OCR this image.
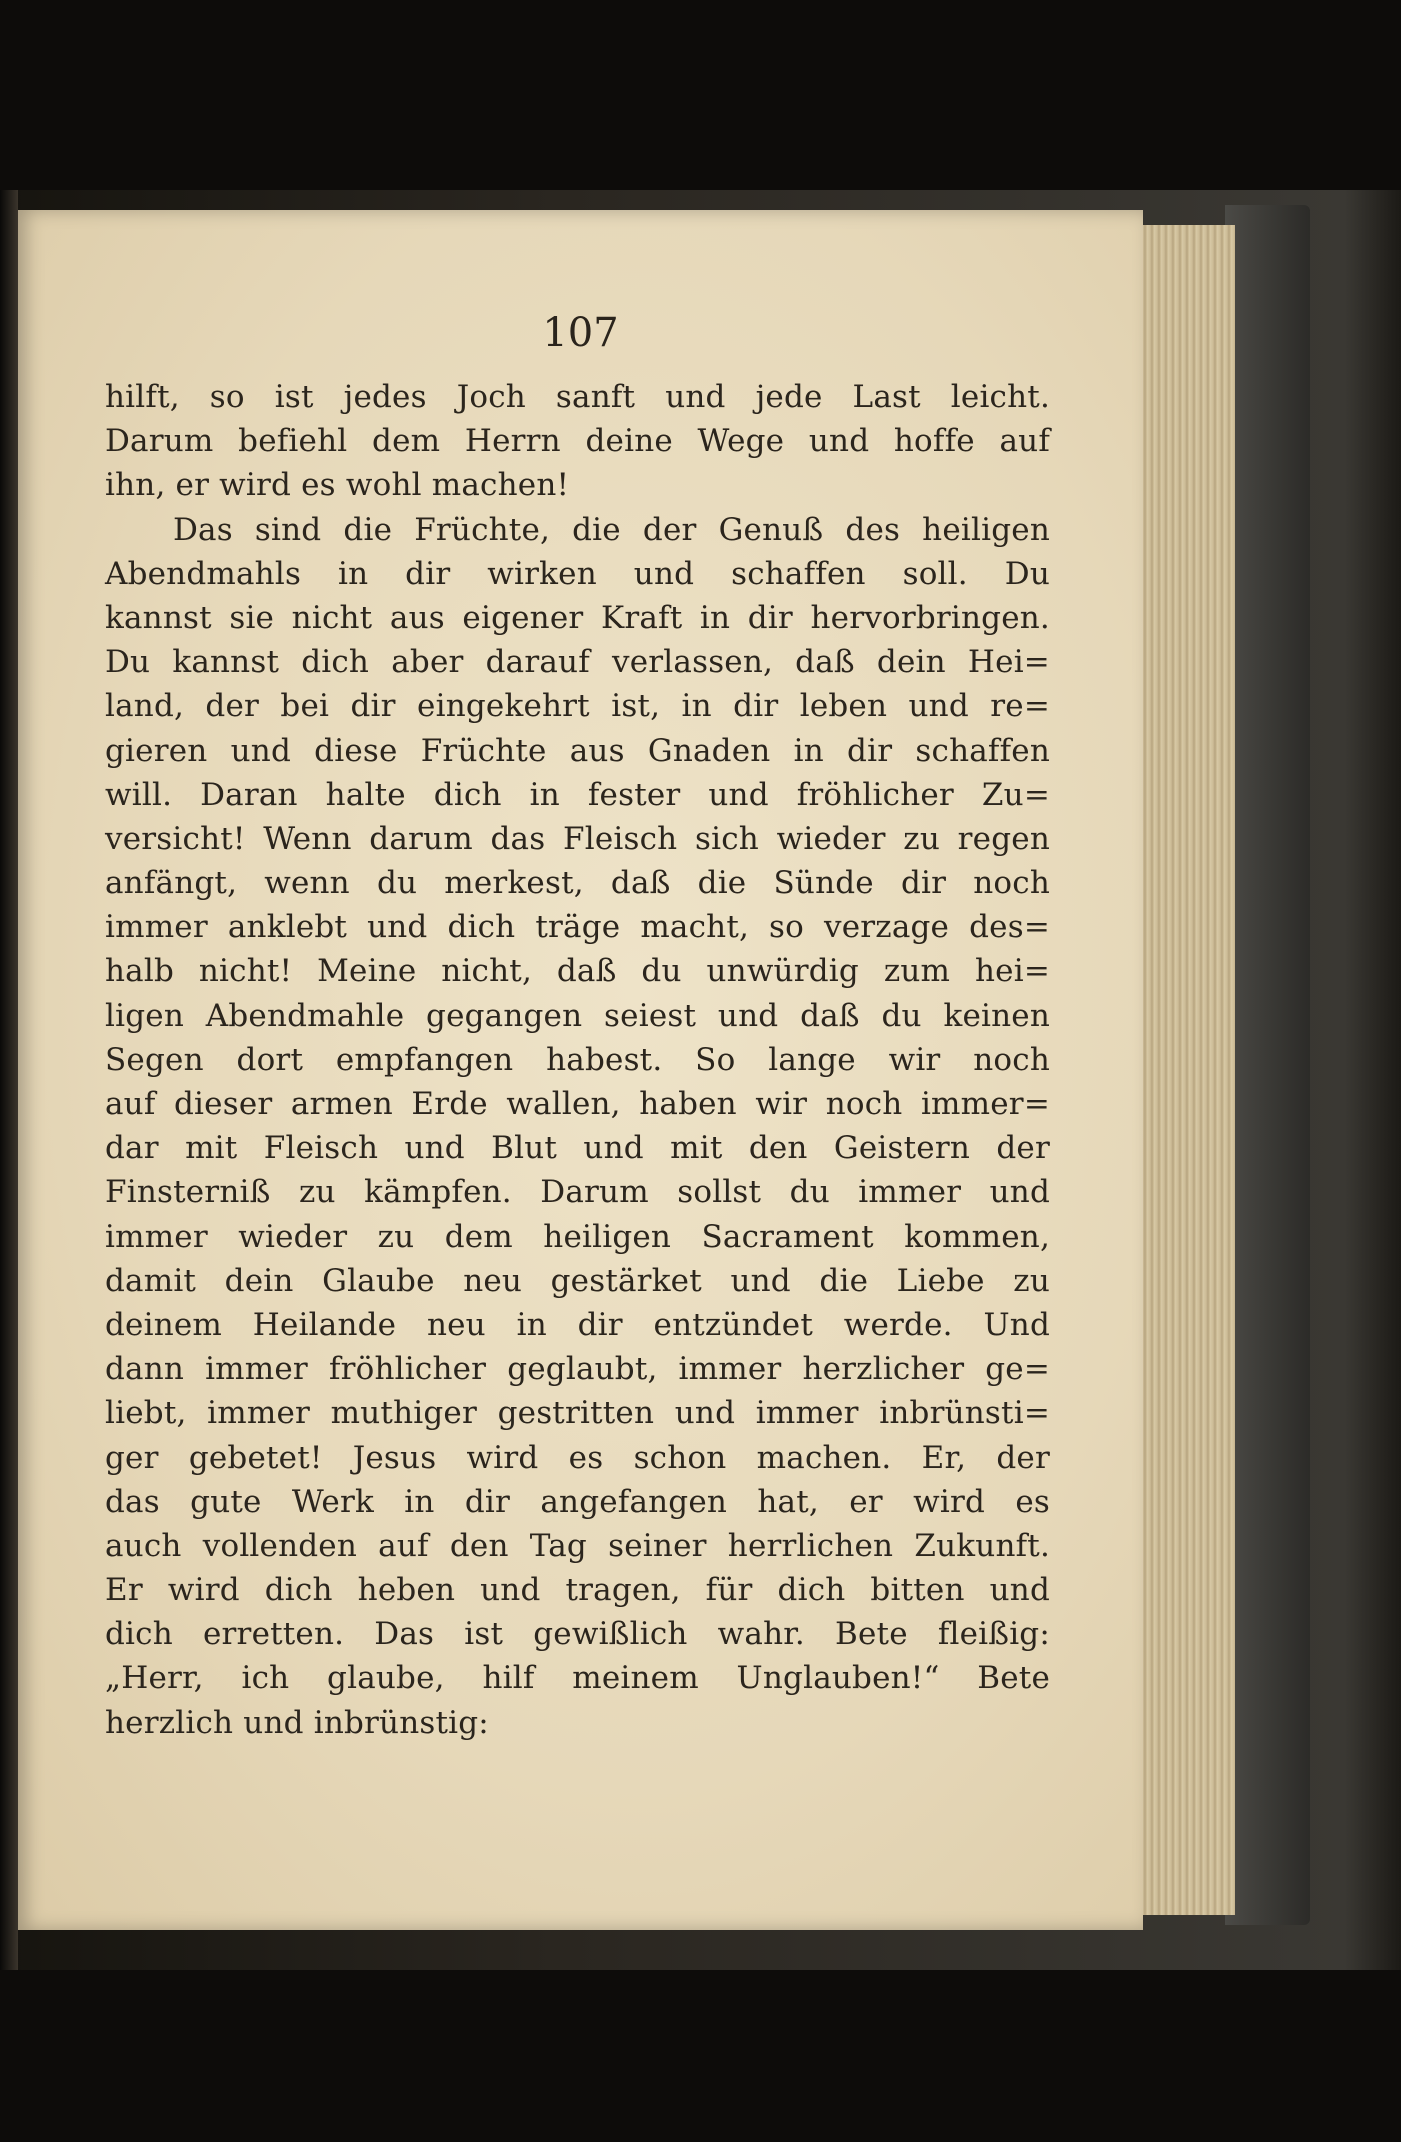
107
hilft, so ist jedes Joch sanft und jede Last leicht.
Darum befiehl dem Herrn deine Wege und hoffe auf
ihn, er wird es wohl machen!
Das sind die Früchte, die der Genuß des heiligen
Abendmahls in dir wirken und schaffen soll. Du
kannst sie nicht aus eigener Kraft in dir hervorbringen.
Du kannst dich aber darauf verlassen, daß dein Hei=
land, der bei dir eingekehrt ist, in dir leben und re=
gieren und diese Früchte aus Gnaden in dir schaffen
will. Daran halte dich in fester und fröhlicher Zu=
versicht! Wenn darum das Fleisch sich wieder zu regen
anfängt, wenn du merkest, daß die Sünde dir noch
immer anklebt und dich träge macht, so verzage des=
halb nicht! Meine nicht, daß du unwürdig zum hei=
ligen Abendmahle gegangen seiest und daß du keinen
Segen dort empfangen habest. So lange wir noch
auf dieser armen Erde wallen, haben wir noch immer=
dar mit Fleisch und Blut und mit den Geistern der
Finsterniß zu kämpfen. Darum sollst du immer und
immer wieder zu dem heiligen Sacrament kommen,
damit dein Glaube neu gestärket und die Liebe zu
deinem Heilande neu in dir entzündet werde. Und
dann immer fröhlicher geglaubt, immer herzlicher ge=
liebt, immer muthiger gestritten und immer inbrünsti=
ger gebetet! Jesus wird es schon machen. Er, der
das gute Werk in dir angefangen hat, er wird es
auch vollenden auf den Tag seiner herrlichen Zukunft.
Er wird dich heben und tragen, für dich bitten und
dich erretten. Das ist gewißlich wahr. Bete fleißig:
„Herr, ich glaube, hilf meinem Unglauben!“ Bete
herzlich und inbrünstig:
